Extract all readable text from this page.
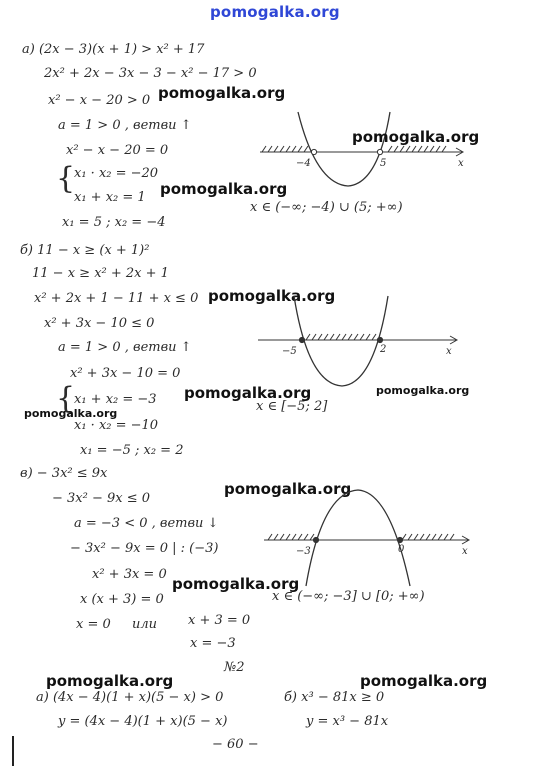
pomogalka.org
а) (2x − 3)(x + 1) > x² + 17
2x² + 2x − 3x − 3 − x² − 17 > 0
x² − x − 20 > 0 pomogalka.org
a = 1 > 0 , ветви ↑
x² − x − 20 = 0
{
x₁ · x₂ = −20
x₁ + x₂ = 1 pomogalka.org
x₁ = 5 ; x₂ = −4
−4	5	x
pomogalka.org
x ∈ (−∞; −4) ∪ (5; +∞)
б) 11 − x ≥ (x + 1)²
11 − x ≥ x² + 2x + 1
x² + 2x + 1 − 11 + x ≤ 0 pomogalka.org
x² + 3x − 10 ≤ 0
a = 1 > 0 , ветви ↑
x² + 3x − 10 = 0
pomogalka.org
{
x₁ + x₂ = −3
pomogalka.org
x₁ · x₂ = −10
x₁ = −5 ; x₂ = 2
−5	2	x
pomogalka.org
x ∈ [−5; 2]
в) − 3x² ≤ 9x
− 3x² − 9x ≤ 0
pomogalka.org
a = −3 < 0 , ветви ↓
− 3x² − 9x = 0 | : (−3)
x² + 3x = 0
pomogalka.org
x (x + 3) = 0
x = 0 или x + 3 = 0
x = −3
−3	0	x
x ∈ (−∞; −3] ∪ [0; +∞)
№2
pomogalka.org	pomogalka.org
а) (4x − 4)(1 + x)(5 − x) > 0
y = (4x − 4)(1 + x)(5 − x)
б) x³ − 81x ≥ 0
y = x³ − 81x
− 60 −
